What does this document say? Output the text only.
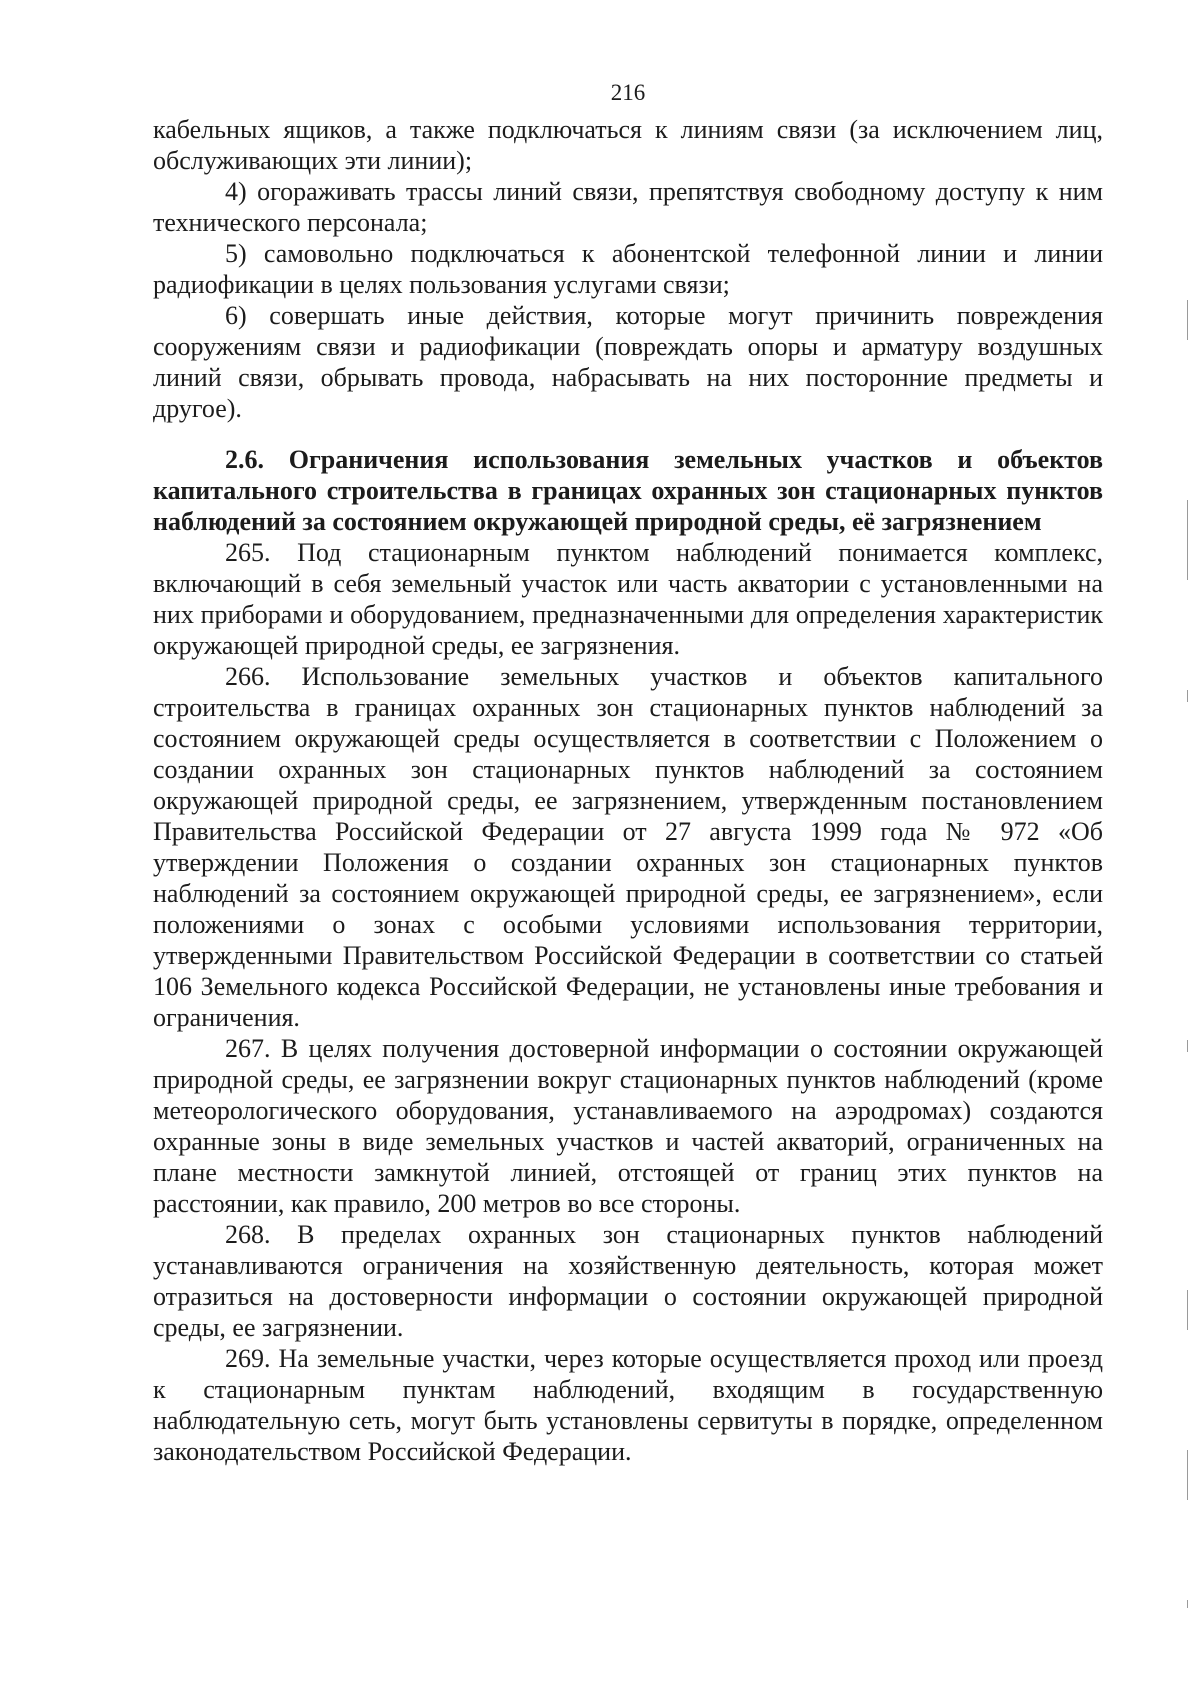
216

кабельных ящиков, а также подключаться к линиям связи (за исключением лиц, обслуживающих эти линии);

4) огораживать трассы линий связи, препятствуя свободному доступу к ним технического персонала;

5) самовольно подключаться к абонентской телефонной линии и линии радиофикации в целях пользования услугами связи;

6) совершать иные действия, которые могут причинить повреждения сооружениям связи и радиофикации (повреждать опоры и арматуру воздушных линий связи, обрывать провода, набрасывать на них посторонние предметы и другое).

2.6. Ограничения использования земельных участков и объектов капитального строительства в границах охранных зон стационарных пунктов наблюдений за состоянием окружающей природной среды, её загрязнением

265. Под стационарным пунктом наблюдений понимается комплекс, включающий в себя земельный участок или часть акватории с установленными на них приборами и оборудованием, предназначенными для определения характеристик окружающей природной среды, ее загрязнения.

266. Использование земельных участков и объектов капитального строительства в границах охранных зон стационарных пунктов наблюдений за состоянием окружающей среды осуществляется в соответствии с Положением о создании охранных зон стационарных пунктов наблюдений за состоянием окружающей природной среды, ее загрязнением, утвержденным постановлением Правительства Российской Федерации от 27 августа 1999 года № 972 «Об утверждении Положения о создании охранных зон стационарных пунктов наблюдений за состоянием окружающей природной среды, ее загрязнением», если положениями о зонах с особыми условиями использования территории, утвержденными Правительством Российской Федерации в соответствии со статьей 106 Земельного кодекса Российской Федерации, не установлены иные требования и ограничения.

267. В целях получения достоверной информации о состоянии окружающей природной среды, ее загрязнении вокруг стационарных пунктов наблюдений (кроме метеорологического оборудования, устанавливаемого на аэродромах) создаются охранные зоны в виде земельных участков и частей акваторий, ограниченных на плане местности замкнутой линией, отстоящей от границ этих пунктов на расстоянии, как правило, 200 метров во все стороны.

268. В пределах охранных зон стационарных пунктов наблюдений устанавливаются ограничения на хозяйственную деятельность, которая может отразиться на достоверности информации о состоянии окружающей природной среды, ее загрязнении.

269. На земельные участки, через которые осуществляется проход или проезд к стационарным пунктам наблюдений, входящим в государственную наблюдательную сеть, могут быть установлены сервитуты в порядке, определенном законодательством Российской Федерации.
